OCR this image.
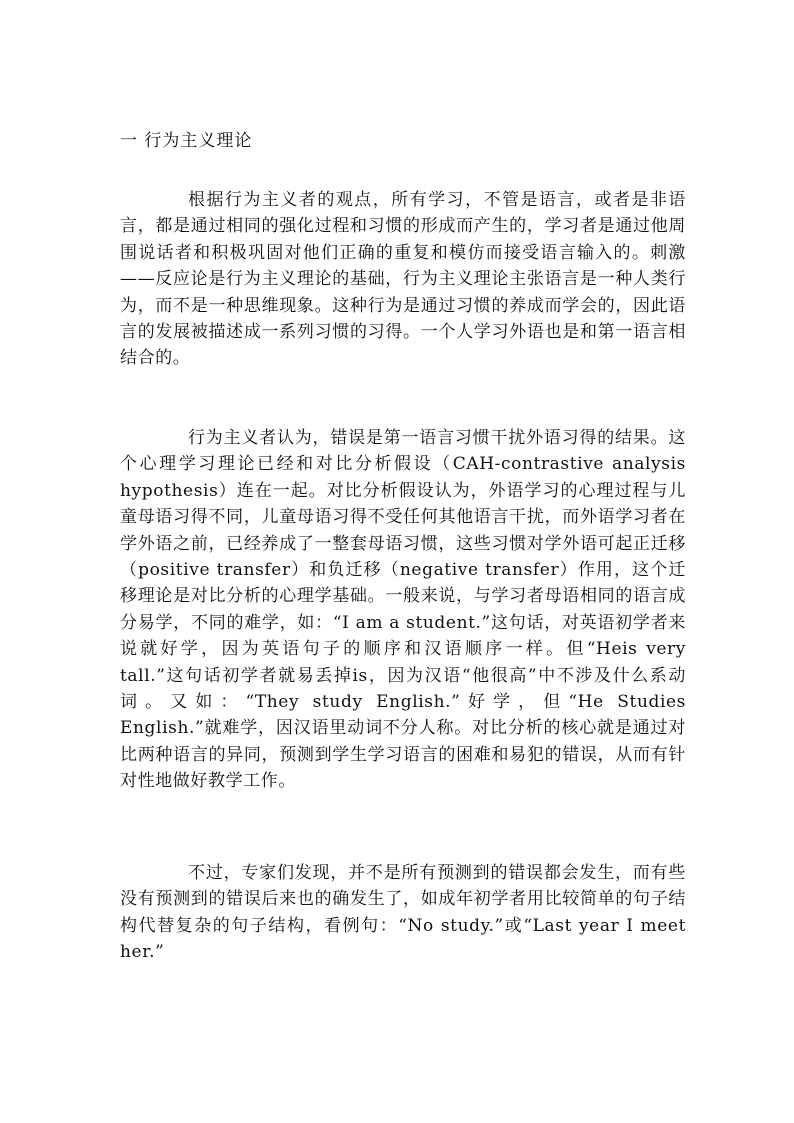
一 行为主义理论

根据行为主义者的观点，所有学习，不管是语言，或者是非语言，都是通过相同的强化过程和习惯的形成而产生的，学习者是通过他周围说话者和积极巩固对他们正确的重复和模仿而接受语言输入的。刺激——反应论是行为主义理论的基础，行为主义理论主张语言是一种人类行为，而不是一种思维现象。这种行为是通过习惯的养成而学会的，因此语言的发展被描述成一系列习惯的习得。一个人学习外语也是和第一语言相结合的。

行为主义者认为，错误是第一语言习惯干扰外语习得的结果。这个心理学习理论已经和对比分析假设（CAH-contrastive analysis hypothesis）连在一起。对比分析假设认为，外语学习的心理过程与儿童母语习得不同，儿童母语习得不受任何其他语言干扰，而外语学习者在学外语之前，已经养成了一整套母语习惯，这些习惯对学外语可起正迁移（positive transfer）和负迁移（negative transfer）作用，这个迁移理论是对比分析的心理学基础。一般来说，与学习者母语相同的语言成分易学，不同的难学，如：“I am a student.”这句话，对英语初学者来说就好学，因为英语句子的顺序和汉语顺序一样。但“Heis very tall.”这句话初学者就易丢掉is，因为汉语“他很高”中不涉及什么系动词。又如：“They study English.”好学，但“He Studies English.”就难学，因汉语里动词不分人称。对比分析的核心就是通过对比两种语言的异同，预测到学生学习语言的困难和易犯的错误，从而有针对性地做好教学工作。

不过，专家们发现，并不是所有预测到的错误都会发生，而有些没有预测到的错误后来也的确发生了，如成年初学者用比较简单的句子结构代替复杂的句子结构，看例句：“No study.”或“Last year I meet her.”
